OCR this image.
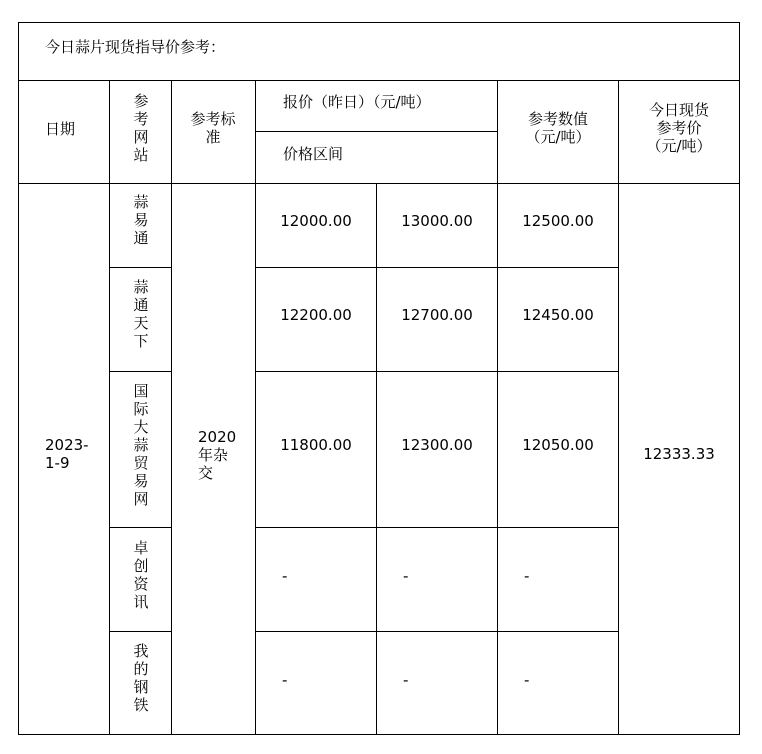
今日蒜片现货指导价参考：
日期
参
考
网
站
参考标准
报价（昨日）（元/吨）
价格区间
参考数值
（元/吨）
今日现货
参考价
（元/吨）
2023-
1-9
2020
年杂
交
12333.33
蒜
易
通
12000.00	13000.00	12500.00
蒜
通
天
下
12200.00	12700.00	12450.00
国
际
大
蒜
贸
易
网
11800.00	12300.00	12050.00
卓
创
资
讯
-	-	-
我
的
钢
铁
-	-	-
